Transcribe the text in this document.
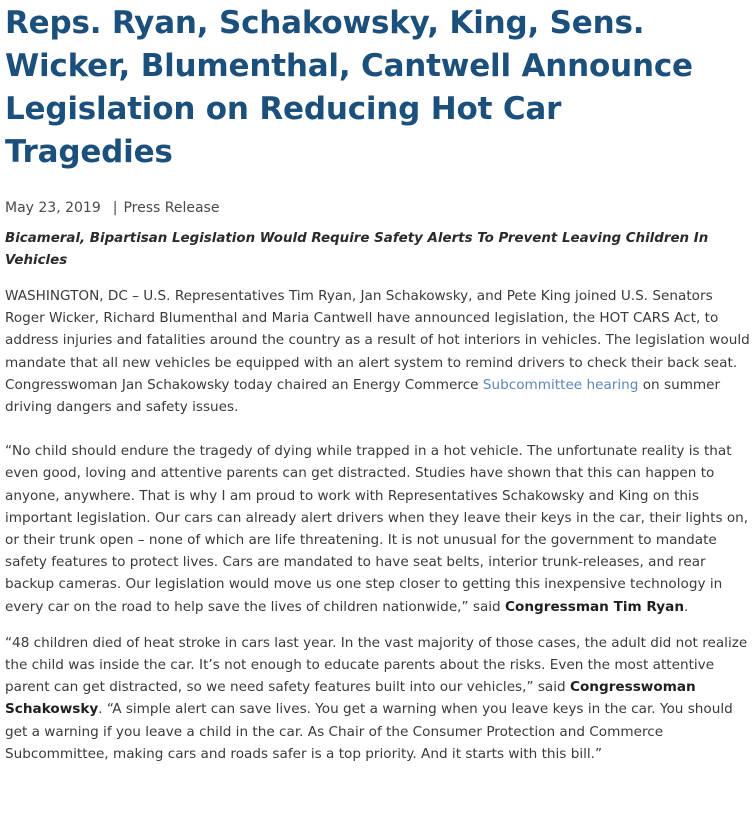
Reps. Ryan, Schakowsky, King, Sens.
Wicker, Blumenthal, Cantwell Announce
Legislation on Reducing Hot Car
Tragedies
May 23, 2019 | Press Release
Bicameral, Bipartisan Legislation Would Require Safety Alerts To Prevent Leaving Children In Vehicles

WASHINGTON, DC – U.S. Representatives Tim Ryan, Jan Schakowsky, and Pete King joined U.S. Senators Roger Wicker, Richard Blumenthal and Maria Cantwell have announced legislation, the HOT CARS Act, to address injuries and fatalities around the country as a result of hot interiors in vehicles. The legislation would mandate that all new vehicles be equipped with an alert system to remind drivers to check their back seat. Congresswoman Jan Schakowsky today chaired an Energy Commerce Subcommittee hearing on summer driving dangers and safety issues.

“No child should endure the tragedy of dying while trapped in a hot vehicle. The unfortunate reality is that even good, loving and attentive parents can get distracted. Studies have shown that this can happen to anyone, anywhere. That is why I am proud to work with Representatives Schakowsky and King on this important legislation. Our cars can already alert drivers when they leave their keys in the car, their lights on, or their trunk open – none of which are life threatening. It is not unusual for the government to mandate safety features to protect lives. Cars are mandated to have seat belts, interior trunk-releases, and rear backup cameras. Our legislation would move us one step closer to getting this inexpensive technology in every car on the road to help save the lives of children nationwide,” said Congressman Tim Ryan.

“48 children died of heat stroke in cars last year. In the vast majority of those cases, the adult did not realize the child was inside the car. It’s not enough to educate parents about the risks. Even the most attentive parent can get distracted, so we need safety features built into our vehicles,” said Congresswoman Schakowsky. “A simple alert can save lives. You get a warning when you leave keys in the car. You should get a warning if you leave a child in the car. As Chair of the Consumer Protection and Commerce Subcommittee, making cars and roads safer is a top priority. And it starts with this bill.”
